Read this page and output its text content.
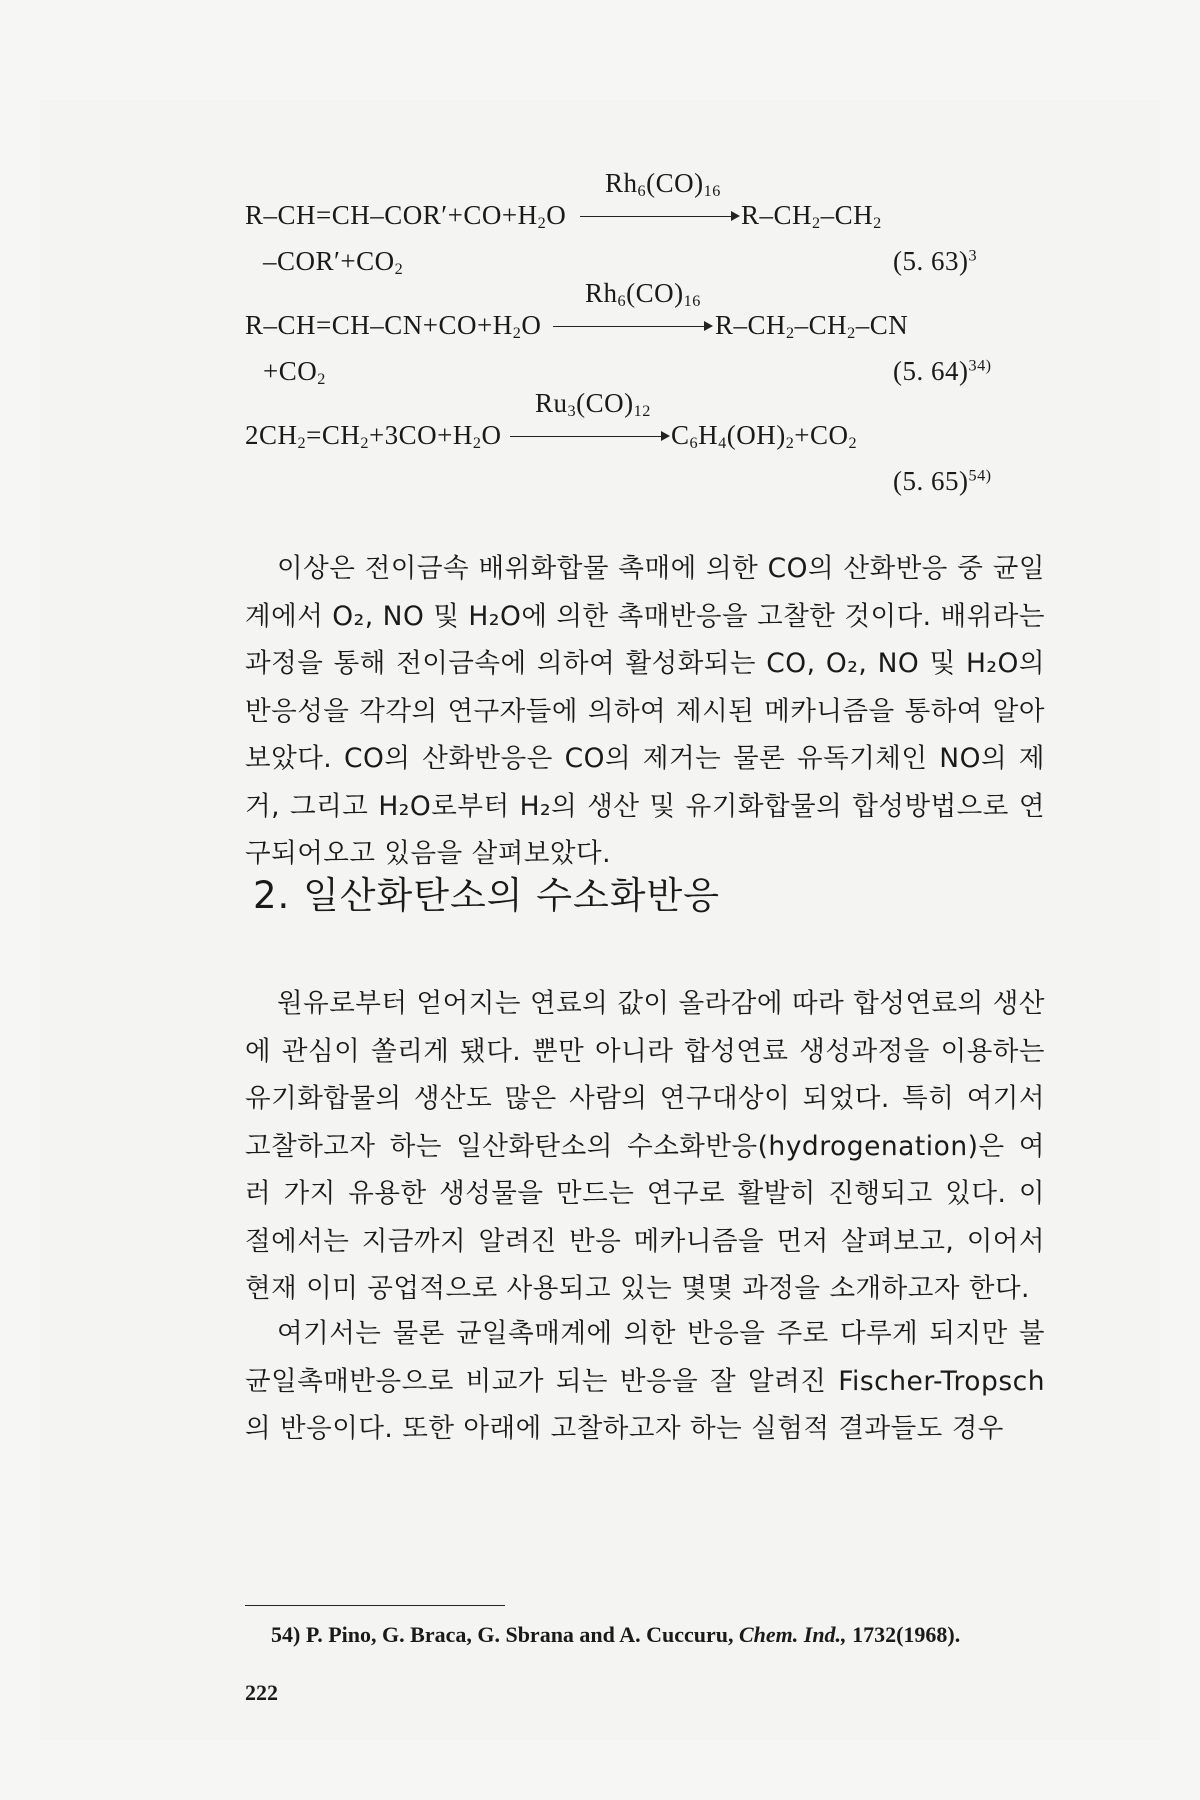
$Rh_6(CO)_{16}$
$R-CH=CH-COR'+CO+H_2O$	$R-CH_2-CH_2$
$-COR'+CO_2$	(5. 63)$^3$
$Rh_6(CO)_{16}$
$R-CH=CH-CN+CO+H_2O$	$R-CH_2-CH_2-CN$
$+CO_2$	(5. 64)$^{34)}$
$Ru_3(CO)_{12}$
$2CH_2=CH_2+3CO+H_2O$	$C_6H_4(OH)_2+CO_2$
(5. 65)$^{54)}$

이상은 전이금속 배위화합물 촉매에 의한 CO의 산화반응 중 균일계에서 O₂, NO 및 H₂O에 의한 촉매반응을 고찰한 것이다. 배위라는 과정을 통해 전이금속에 의하여 활성화되는 CO, O₂, NO 및 H₂O의 반응성을 각각의 연구자들에 의하여 제시된 메카니즘을 통하여 알아보았다. CO의 산화반응은 CO의 제거는 물론 유독기체인 NO의 제거, 그리고 H₂O로부터 H₂의 생산 및 유기화합물의 합성방법으로 연구되어오고 있음을 살펴보았다.

2. 일산화탄소의 수소화반응

원유로부터 얻어지는 연료의 값이 올라감에 따라 합성연료의 생산에 관심이 쏠리게 됐다. 뿐만 아니라 합성연료 생성과정을 이용하는 유기화합물의 생산도 많은 사람의 연구대상이 되었다. 특히 여기서 고찰하고자 하는 일산화탄소의 수소화반응(hydrogenation)은 여러 가지 유용한 생성물을 만드는 연구로 활발히 진행되고 있다. 이 절에서는 지금까지 알려진 반응 메카니즘을 먼저 살펴보고, 이어서 현재 이미 공업적으로 사용되고 있는 몇몇 과정을 소개하고자 한다.

여기서는 물론 균일촉매계에 의한 반응을 주로 다루게 되지만 불균일촉매반응으로 비교가 되는 반응을 잘 알려진 Fischer-Tropsch의 반응이다. 또한 아래에 고찰하고자 하는 실험적 결과들도 경우

54) P. Pino, G. Braca, G. Sbrana and A. Cuccuru, Chem. Ind., 1732(1968).
222
